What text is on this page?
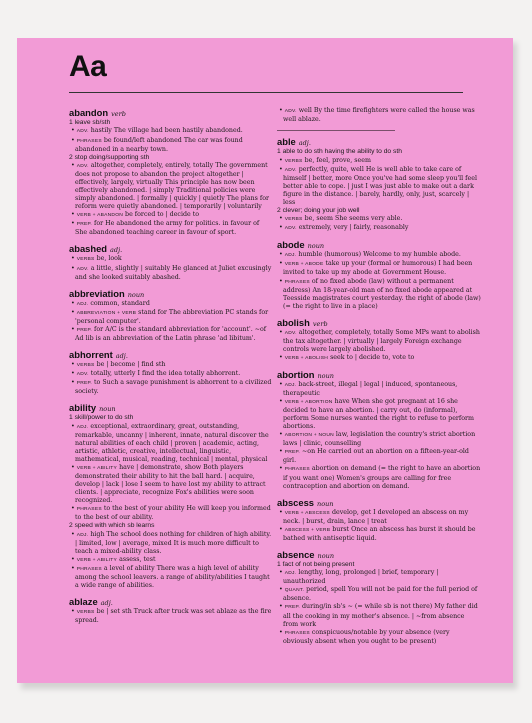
Aa
abandon verb
1 leave sb/sth

• ADV. hastily The village had been hastily abandoned.

• PHRASES be found/left abandoned The car was found abandoned in a nearby town.

2 stop doing/supporting sth

• ADV. altogether, completely, entirely, totally The government does not propose to abandon the project altogether | effectively, largely, virtually This principle has now been effectively abandoned. | simply Traditional policies were simply abandoned. | formally | quickly | quietly The plans for reform were quietly abandoned. | temporarily | voluntarily

• VERB + ABANDON be forced to | decide to

• PREP. for He abandoned the army for politics. in favour of She abandoned teaching career in favour of sport.

abashed adj.

• VERBS be, look

• ADV. a little, slightly | suitably He glanced at Juliet excusingly and she looked suitably abashed.

abbreviation noun

• ADJ. common, standard

• ABBREVIATION + VERB stand for The abbreviation PC stands for 'personal computer'.

• PREP. for A/C is the standard abbreviation for 'account'. ~of Ad lib is an abbreviation of the Latin phrase 'ad libitum'.

abhorrent adj.

• VERBS be | become | find sth

• ADV. totally, utterly I find the idea totally abhorrent.

• PREP. to Such a savage punishment is abhorrent to a civilized society.

ability noun
1 skill/power to do sth

• ADJ. exceptional, extraordinary, great, outstanding, remarkable, uncanny | inherent, innate, natural discover the natural abilities of each child | proven | academic, acting, artistic, athletic, creative, intellectual, linguistic, mathematical, musical, reading, technical | mental, physical

• VERB + ABILITY have | demonstrate, show Both players demonstrated their ability to hit the ball hard. | acquire, develop | lack | lose I seem to have lost my ability to attract clients. | appreciate, recognize Fox's abilities were soon recognized.

• PHRASES to the best of your ability He will keep you informed to the best of our ability.

2 speed with which sb learns

• ADJ. high The school does nothing for children of high ability. | limited, low | average, mixed It is much more difficult to teach a mixed-ability class.

• VERB + ABILITY assess, test

• PHRASES a level of ability There was a high level of ability among the school leavers. a range of ability/abilities I taught a wide range of abilities.

ablaze adj.

• VERBS be | set sth Truck after truck was set ablaze as the fire spread.

• ADV. well By the time firefighters were called the house was well ablaze.

able adj.
1 able to do sth having the ability to do sth

• VERBS be, feel, prove, seem

• ADV. perfectly, quite, well He is well able to take care of himself | better, more Once you've had some sleep you'll feel better able to cope. | just I was just able to make out a dark figure in the distance. | barely, hardly, only, just, scarcely | less

2 clever; doing your job well

• VERBS be, seem She seems very able.

• ADV. extremely, very | fairly, reasonably

abode noun

• ADJ. humble (humorous) Welcome to my humble abode.

• VERB + ABODE take up your (formal or humorous) I had been invited to take up my abode at Government House.

• PHRASES of no fixed abode (law) without a permanent address) An 18-year-old man of no fixed abode appeared at Teesside magistrates court yesterday. the right of abode (law) (= the right to live in a place)

abolish verb

• ADV. altogether, completely, totally Some MPs want to abolish the tax altogether. | virtually | largely Foreign exchange controls were largely abolished.

• VERB + ABOLISH seek to | decide to, vote to

abortion noun

• ADJ. back-street, illegal | legal | induced, spontaneous, therapeutic

• VERB + ABORTION have When she got pregnant at 16 she decided to have an abortion. | carry out, do (informal), perform Some nurses wanted the right to refuse to perform abortions.

• ABORTION + NOUN law, legislation the country's strict abortion laws | clinic, counselling

• PREP. ~on He carried out an abortion on a fifteen-year-old girl.

• PHRASES abortion on demand (= the right to have an abortion if you want one) Women's groups are calling for free contraception and abortion on demand.

abscess noun

• VERB + ABSCESS develop, get I developed an abscess on my neck. | burst, drain, lance | treat

• ABSCESS + VERB burst Once an abscess has burst it should be bathed with antiseptic liquid.

absence noun
1 fact of not being present

• ADJ. lengthy, long, prolonged | brief, temporary | unauthorized

• QUANT. period, spell You will not be paid for the full period of absence.

• PREP. during/in sb's ~ (= while sb is not there) My father did all the cooking in my mother's absence. | ~from absence from work

• PHRASES conspicuous/notable by your absence (very obviously absent when you ought to be present)
